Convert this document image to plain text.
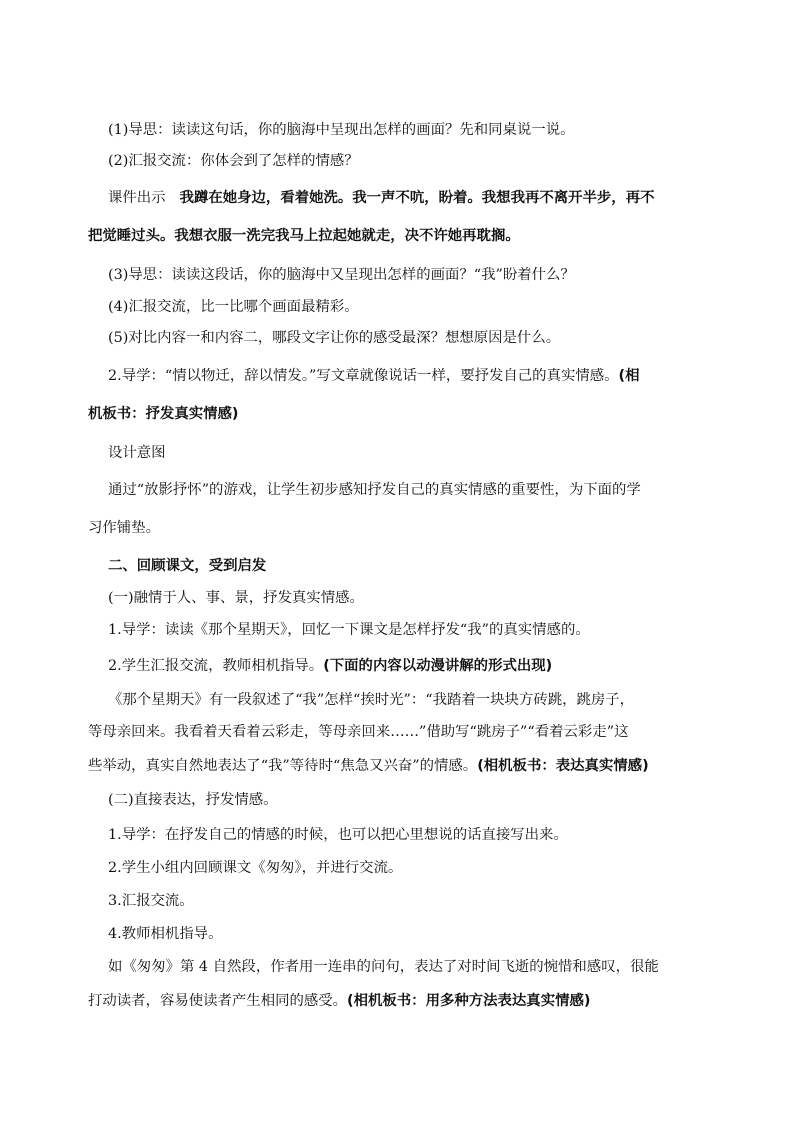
(1)导思：读读这句话，你的脑海中呈现出怎样的画面？先和同桌说一说。
(2)汇报交流：你体会到了怎样的情感？
课件出示 我蹲在她身边，看着她洗。我一声不吭，盼着。我想我再不离开半步，再不
把觉睡过头。我想衣服一洗完我马上拉起她就走，决不许她再耽搁。
(3)导思：读读这段话，你的脑海中又呈现出怎样的画面？“我”盼着什么？
(4)汇报交流，比一比哪个画面最精彩。
(5)对比内容一和内容二，哪段文字让你的感受最深？想想原因是什么。
2.导学：“情以物迁，辞以情发。”写文章就像说话一样，要抒发自己的真实情感。(相
机板书：抒发真实情感)
设计意图
通过“放影抒怀”的游戏，让学生初步感知抒发自己的真实情感的重要性，为下面的学
习作铺垫。
二、回顾课文，受到启发
(一)融情于人、事、景，抒发真实情感。
1.导学：读读《那个星期天》，回忆一下课文是怎样抒发“我”的真实情感的。
2.学生汇报交流，教师相机指导。(下面的内容以动漫讲解的形式出现)
《那个星期天》有一段叙述了“我”怎样“挨时光”：“我踏着一块块方砖跳，跳房子，
等母亲回来。我看着天看着云彩走，等母亲回来……”借助写“跳房子”“看着云彩走”这
些举动，真实自然地表达了“我”等待时“焦急又兴奋”的情感。(相机板书：表达真实情感)
(二)直接表达，抒发情感。
1.导学：在抒发自己的情感的时候，也可以把心里想说的话直接写出来。
2.学生小组内回顾课文《匆匆》，并进行交流。
3.汇报交流。
4.教师相机指导。
如《匆匆》第 4 自然段，作者用一连串的问句，表达了对时间飞逝的惋惜和感叹，很能
打动读者，容易使读者产生相同的感受。(相机板书：用多种方法表达真实情感)
